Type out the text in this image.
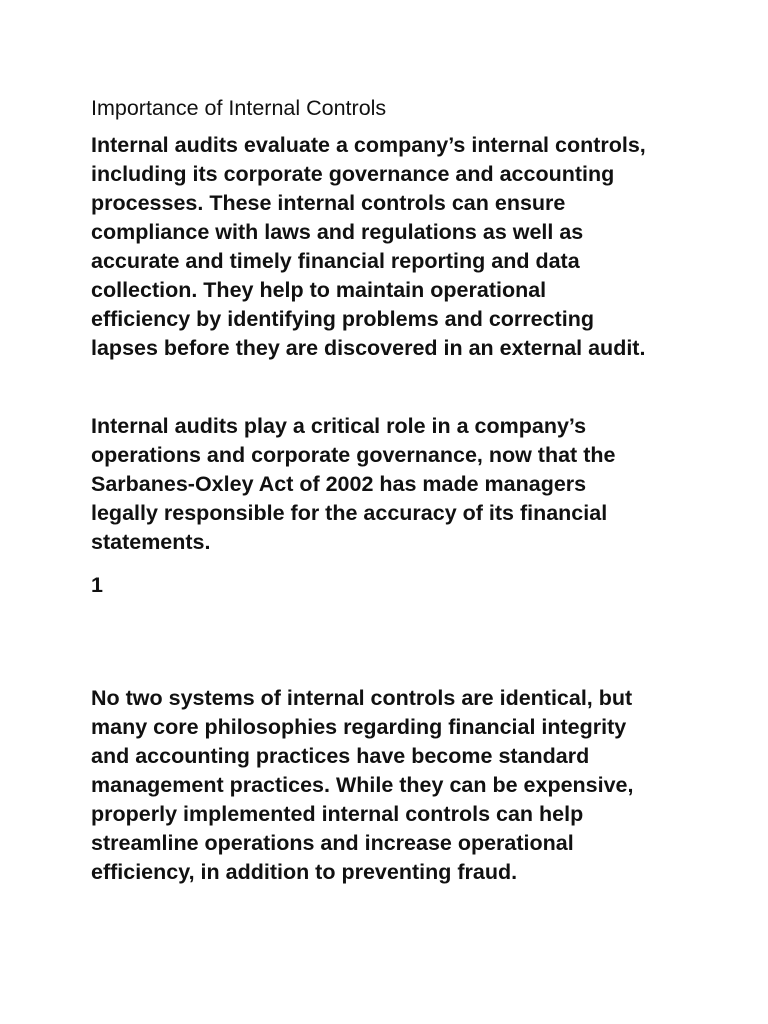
Importance of Internal Controls

Internal audits evaluate a company’s internal controls,
including its corporate governance and accounting
processes. These internal controls can ensure
compliance with laws and regulations as well as
accurate and timely financial reporting and data
collection. They help to maintain operational
efficiency by identifying problems and correcting
lapses before they are discovered in an external audit.

Internal audits play a critical role in a company’s
operations and corporate governance, now that the
Sarbanes-Oxley Act of 2002 has made managers
legally responsible for the accuracy of its financial
statements.

1

No two systems of internal controls are identical, but
many core philosophies regarding financial integrity
and accounting practices have become standard
management practices. While they can be expensive,
properly implemented internal controls can help
streamline operations and increase operational
efficiency, in addition to preventing fraud.
